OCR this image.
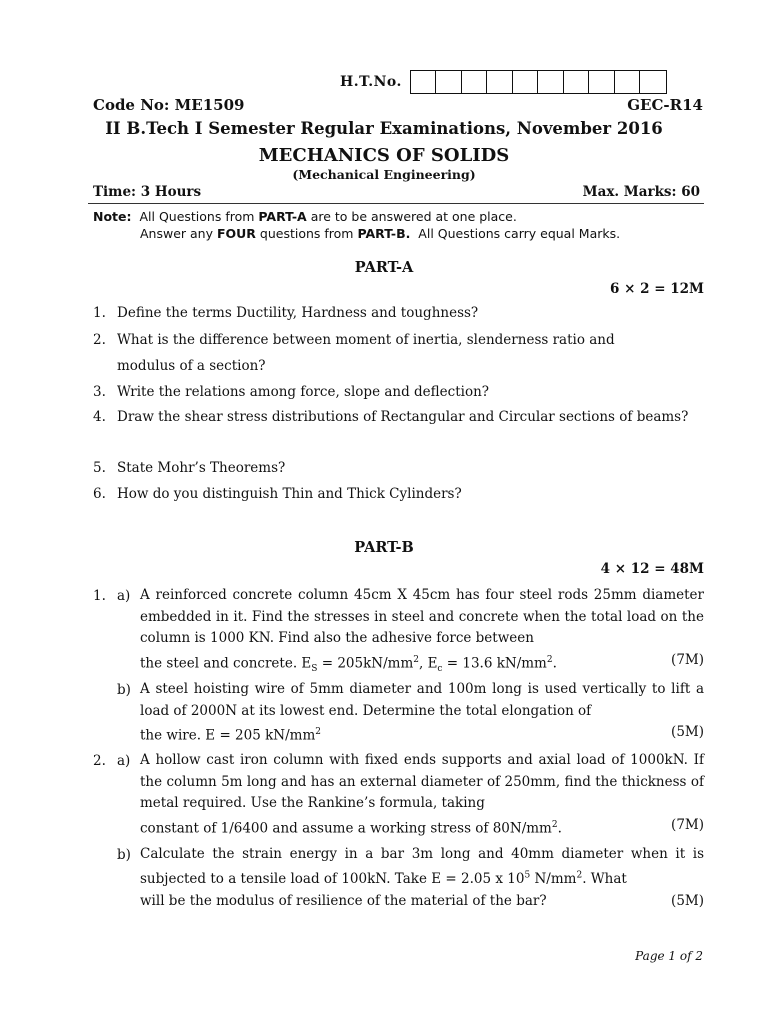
H.T.No.
Code No: ME1509	GEC-R14
II B.Tech I Semester Regular Examinations, November 2016
MECHANICS OF SOLIDS
(Mechanical Engineering)
Time: 3 Hours	Max. Marks: 60
Note: All Questions from PART-A are to be answered at one place.
Answer any FOUR questions from PART-B.  All Questions carry equal Marks.
PART-A
6 × 2 = 12M
1. Define the terms Ductility, Hardness and toughness?
2. What is the difference between moment of inertia, slenderness ratio and modulus of a section?
3. Write the relations among force, slope and deflection?
4. Draw the shear stress distributions of Rectangular and Circular sections of beams?
5. State Mohr’s Theorems?
6. How do you distinguish Thin and Thick Cylinders?
PART-B
4 × 12 = 48M
1. a) A reinforced concrete column 45cm X 45cm has four steel rods 25mm diameter embedded in it. Find the stresses in steel and concrete when the total load on the column is 1000 KN. Find also the adhesive force between
the steel and concrete. $E_S = 205kN/mm^2$, $E_c = 13.6$ $kN/mm^2$.	(7M)
b) A steel hoisting wire of 5mm diameter and 100m long is used vertically to lift a load of 2000N at its lowest end. Determine the total elongation of
the wire. E = 205 $kN/mm^2$	(5M)
2. a) A hollow cast iron column with fixed ends supports and axial load of 1000kN. If the column 5m long and has an external diameter of 250mm, find the thickness of metal required. Use the Rankine’s formula, taking
constant of 1/6400 and assume a working stress of $80N/mm^2$.	(7M)
b) Calculate the strain energy in a bar 3m long and 40mm diameter when it is subjected to a tensile load of 100kN. Take E = 2.05 x $10^5$ $N/mm^2$. What
will be the modulus of resilience of the material of the bar?	(5M)
Page 1 of 2
